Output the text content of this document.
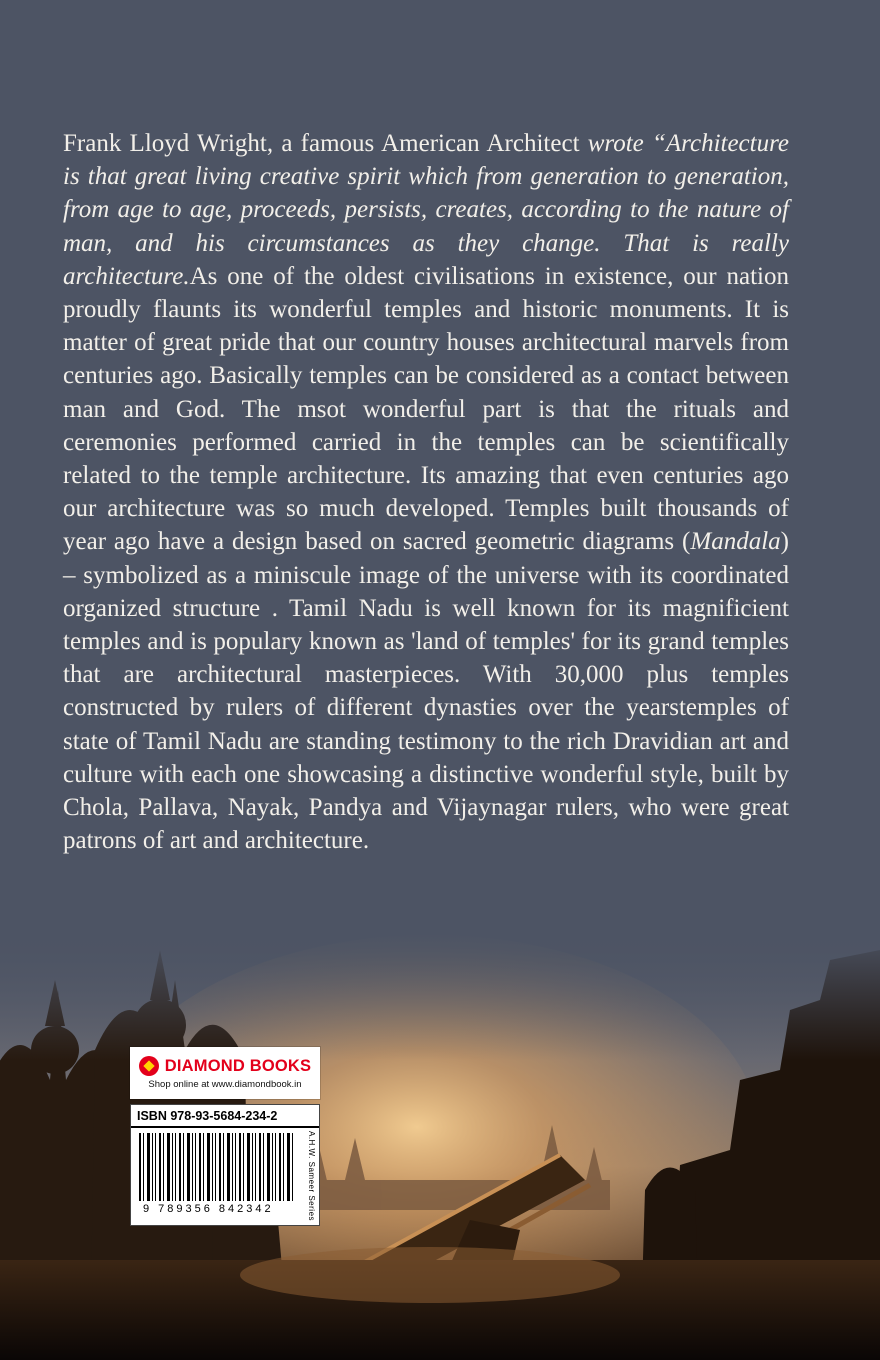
Frank Lloyd Wright, a famous American Architect wrote “Architecture is that great living creative spirit which from generation to generation, from age to age, proceeds, persists, creates, according to the nature of man, and his circumstances as they change. That is really architecture.As one of the oldest civilisations in existence, our nation proudly flaunts its wonderful temples and historic monuments. It is matter of great pride that our country houses architectural marvels from centuries ago. Basically temples can be considered as a contact between man and God. The msot wonderful part is that the rituals and ceremonies performed carried in the temples can be scientifically related to the temple architecture. Its amazing that even centuries ago our architecture was so much developed. Temples built thousands of year ago have a design based on sacred geometric diagrams (Mandala) – symbolized as a miniscule image of the universe with its coordinated organized structure . Tamil Nadu is well known for its magnificient temples and is populary known as 'land of temples' for its grand temples that are architectural masterpieces. With 30,000 plus temples constructed by rulers of different dynasties over the yearstemples of state of Tamil Nadu are standing testimony to the rich Dravidian art and culture with each one showcasing a distinctive wonderful style, built by Chola, Pallava, Nayak, Pandya and Vijaynagar rulers, who were great patrons of art and architecture.

DIAMOND BOOKS
Shop online at www.diamondbook.in
ISBN 978-93-5684-234-2
9 789356 842342	A.H.W. Sameer Series
